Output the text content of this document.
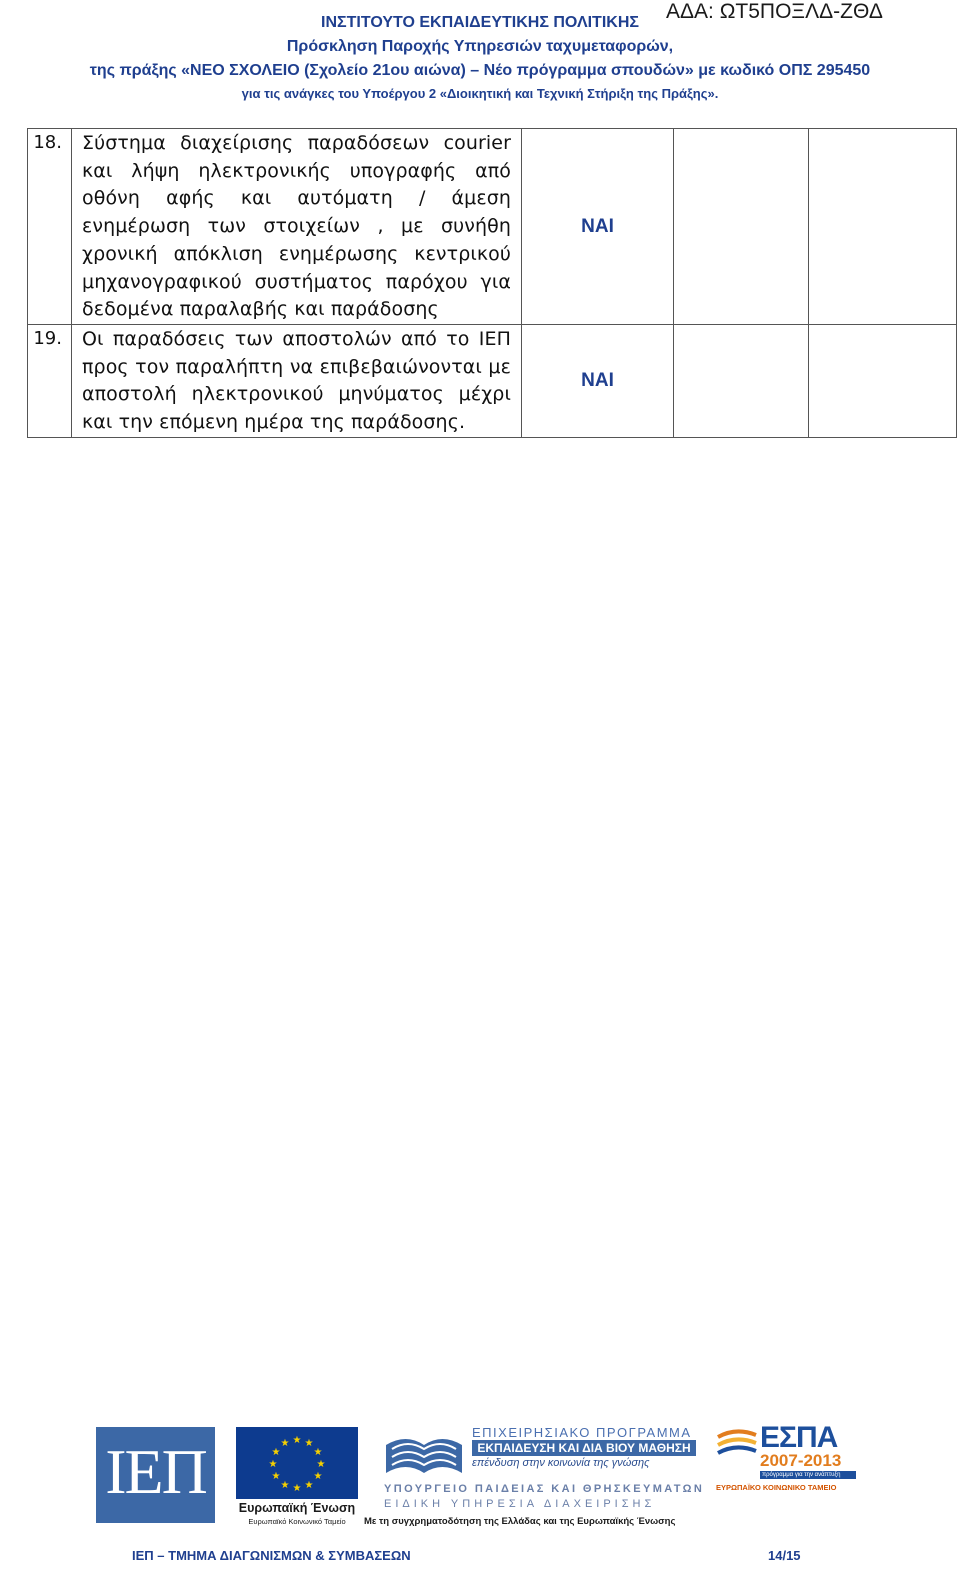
ΑΔΑ: ΩΤ5ΠΟΞΛΔ-ΖΘΔ
ΙΝΣΤΙΤΟΥΤΟ ΕΚΠΑΙΔΕΥΤΙΚΗΣ ΠΟΛΙΤΙΚΗΣ
Πρόσκληση Παροχής Υπηρεσιών ταχυμεταφορών,
της πράξης «ΝΕΟ ΣΧΟΛΕΙΟ (Σχολείο 21ου αιώνα) – Νέο πρόγραμμα σπουδών» με κωδικό ΟΠΣ 295450
για τις ανάγκες του Υποέργου 2 «Διοικητική και Τεχνική Στήριξη της Πράξης».
18.	Σύστημα διαχείρισης παραδόσεων courier και λήψη ηλεκτρονικής υπογραφής από οθόνη αφής και αυτόματη / άμεση ενημέρωση των στοιχείων , με συνήθη χρονική απόκλιση ενημέρωσης κεντρικού μηχανογραφικού συστήματος παρόχου για δεδομένα παραλαβής και παράδοσης	ΝΑΙ		
19.	Οι παραδόσεις των αποστολών από το ΙΕΠ προς τον παραλήπτη να επιβεβαιώνονται με αποστολή ηλεκτρονικού μηνύματος μέχρι και την επόμενη ημέρα της παράδοσης.	ΝΑΙ		
ΙΕΠ	★ ★
★
★
★
★
★
★
★
★
★
★
Ευρωπαϊκή Ένωση
Ευρωπαϊκό Κοινωνικό Ταμείο
ΕΠΙΧΕΙΡΗΣΙΑΚΟ ΠΡΟΓΡΑΜΜΑ
ΕΚΠΑΙΔΕΥΣΗ ΚΑΙ ΔΙΑ ΒΙΟΥ ΜΑΘΗΣΗ
επένδυση στην κοινωνία της γνώσης
ΥΠΟΥΡΓΕΙΟ ΠΑΙΔΕΙΑΣ ΚΑΙ ΘΡΗΣΚΕΥΜΑΤΩΝ
ΕΙΔΙΚΗ ΥΠΗΡΕΣΙΑ ΔΙΑΧΕΙΡΙΣΗΣ
Με τη συγχρηματοδότηση της Ελλάδας και της Ευρωπαϊκής Ένωσης
ΕΣΠΑ
2007-2013
πρόγραμμα για την ανάπτυξη
ΕΥΡΩΠΑΪΚΟ ΚΟΙΝΩΝΙΚΟ ΤΑΜΕΙΟ
ΙΕΠ – ΤΜΗΜΑ ΔΙΑΓΩΝΙΣΜΩΝ & ΣΥΜΒΑΣΕΩΝ	14/15
